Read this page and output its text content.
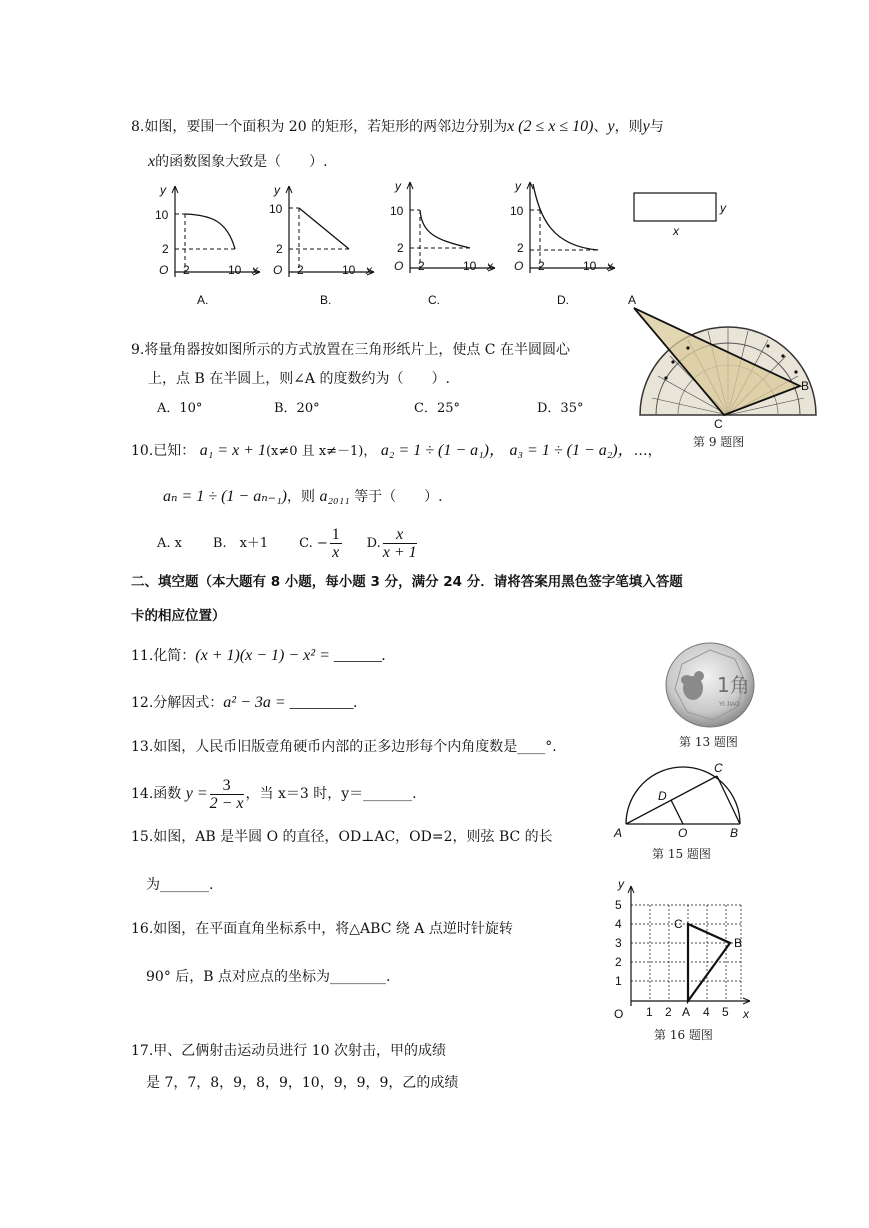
8.如图，要围一个面积为 20 的矩形，若矩形的两邻边分别为x (2 ≤ x ≤ 10)、y，则y与
x的函数图象大致是（　　）.
y
x
O
10
2
2	10
A.
y
x
O
10
2
2	10
B.
y
x
O
10
2
2	10
C.
y
x
O
10
2
2	10
D.
y
x
9.将量角器按如图所示的方式放置在三角形纸片上，使点 C 在半圆圆心
上，点 B 在半圆上，则∠A 的度数约为（　　）.
A．10°	B．20°	C．25°	D．35°
A
B
C
第 9 题图
10.已知： a₁ = x + 1(x≠0 且 x≠－1)， a₂ = 1 ÷ (1 − a₁)， a₃ = 1 ÷ (1 − a₂)，…，
aₙ = 1 ÷ (1 − aₙ₋₁)，则 a₂₀₁₁ 等于（　　）.
A. x B.　x＋1 C. − $\frac{1}{x} D$. $\frac{x}{x + 1}$
二、填空题（本大题有 8 小题，每小题 3 分，满分 24 分．请将答案用黑色签字笔填入答题
卡的相应位置）
11.化简：(x + 1)(x − 1) − x² = ______.
12.分解因式：a² − 3a = ________.
1角
YI JIAO
13.如图，人民币旧版壹角硬币内部的正多边形每个内角度数是____°.	第 13 题图
14.函数 $y = \frac{3}{2 - x}$ ，当 x＝3 时，y＝_______.
A	O	B
C
D
第 15 题图
15.如图，AB 是半圆 O 的直径，OD⊥AC，OD=2，则弦 BC 的长
为_______.
16.如图，在平面直角坐标系中，将△ABC 绕 A 点逆时针旋转
90° 后，B 点对应点的坐标为________.
y
x
O 1 2	4 5
1
2
3
4
5
A
B
C
第 16 题图
17.甲、乙俩射击运动员进行 10 次射击，甲的成绩
是 7，7，8，9，8，9，10，9，9，9，乙的成绩
